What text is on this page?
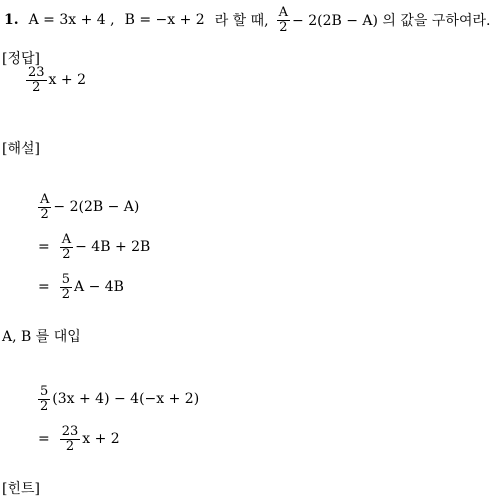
1. A = 3x + 4 , B = −x + 2 라 할 때, $\frac{A}{2} - 2(2B - A)$ 의 값을 구하여라.
[정답]
$\frac{23}{2}$ x + 2
[해설]
$\frac{A}{2} - 2(2B - A)$
= $\frac{A}{2} - 4B + 2B$
= $\frac{5}{2}$ A − 4B
A, B 를 대입
$\frac{5}{2} (3x + 4) - 4(-x + 2)$
= $\frac{23}{2}$ x + 2
[힌트]
